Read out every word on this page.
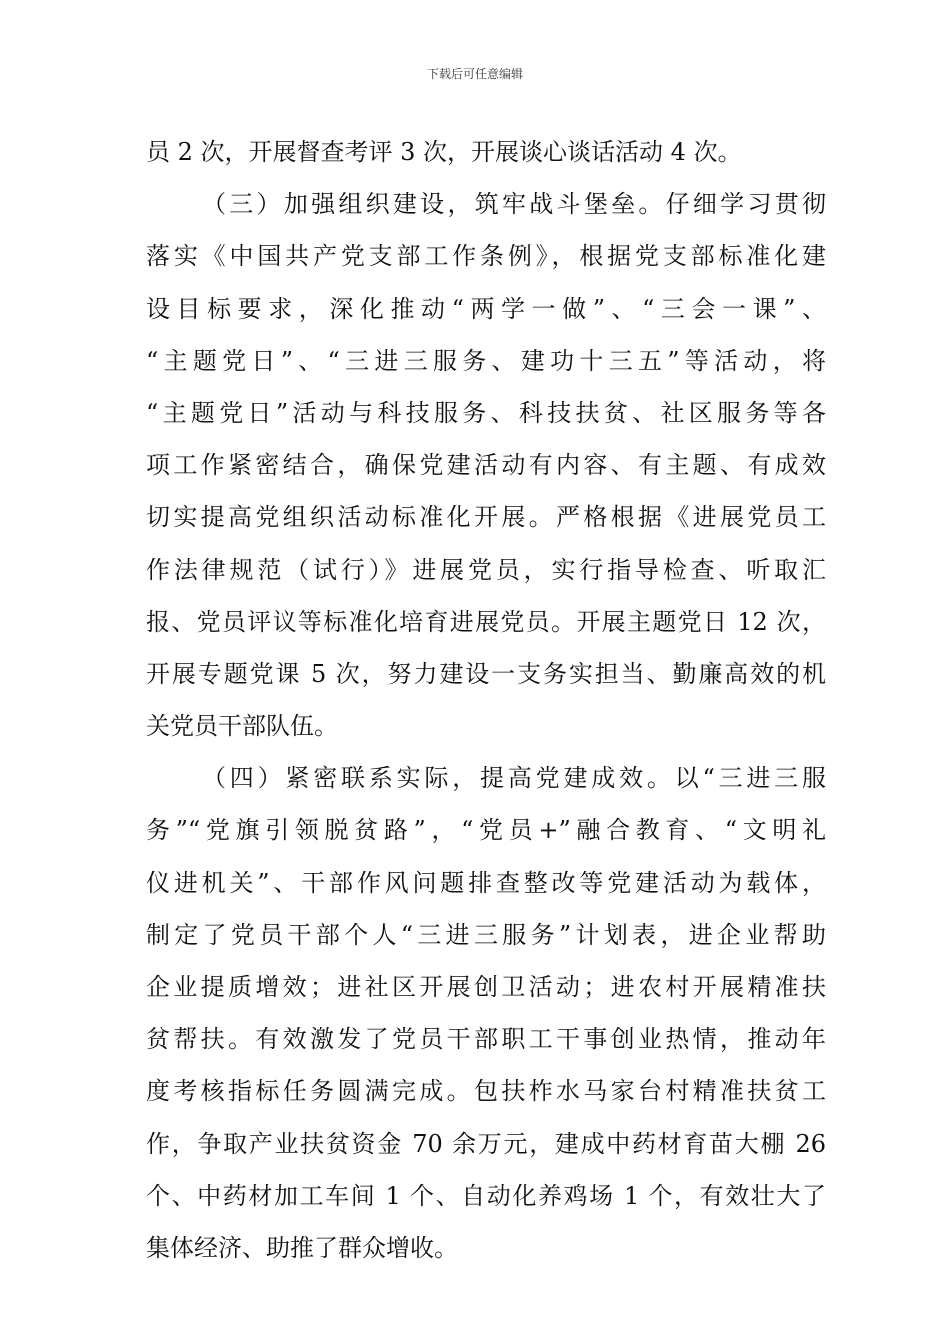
下载后可任意编辑
员 2 次，开展督查考评 3 次，开展谈心谈话活动 4 次。
（三）加强组织建设，筑牢战斗堡垒。仔细学习贯彻
落实《中国共产党支部工作条例》，根据党支部标准化建
设目标要求，深化推动“两学一做”、“三会一课”、
“主题党日”、“三进三服务、建功十三五”等活动，将
“主题党日”活动与科技服务、科技扶贫、社区服务等各
项工作紧密结合，确保党建活动有内容、有主题、有成效
切实提高党组织活动标准化开展。严格根据《进展党员工
作法律规范（试行）》进展党员，实行指导检查、听取汇
报、党员评议等标准化培育进展党员。开展主题党日 12 次，
开展专题党课 5 次，努力建设一支务实担当、勤廉高效的机
关党员干部队伍。
（四）紧密联系实际，提高党建成效。以“三进三服
务”“党旗引领脱贫路”，“党员+”融合教育、“文明礼
仪进机关”、干部作风问题排查整改等党建活动为载体，
制定了党员干部个人“三进三服务”计划表，进企业帮助
企业提质增效；进社区开展创卫活动；进农村开展精准扶
贫帮扶。有效激发了党员干部职工干事创业热情，推动年
度考核指标任务圆满完成。包扶柞水马家台村精准扶贫工
作，争取产业扶贫资金 70 余万元，建成中药材育苗大棚 26
个、中药材加工车间 1 个、自动化养鸡场 1 个，有效壮大了
集体经济、助推了群众增收。
